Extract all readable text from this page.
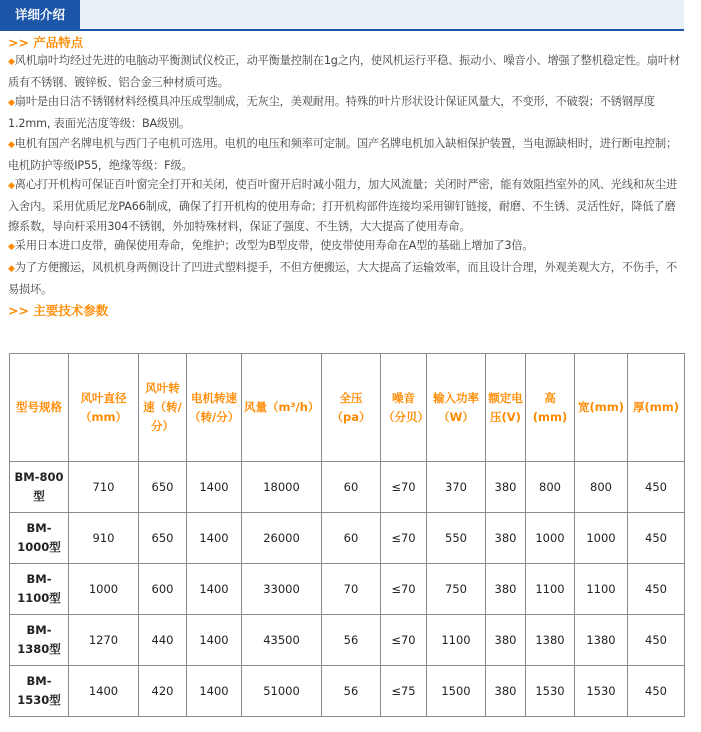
详细介绍
>> 产品特点

◆风机扇叶均经过先进的电脑动平衡测试仪校正，动平衡量控制在1g之内，使风机运行平稳、振动小、噪音小、增强了整机稳定性。扇叶材质有不锈钢、镀锌板、铝合金三种材质可选。

◆扇叶是由日洁不锈钢材料经模具冲压成型制成，无灰尘，美观耐用。特殊的叶片形状设计保证风量大，不变形，不破裂；不锈钢厚度1.2mm, 表面光洁度等级：BA级别。

◆电机有国产名牌电机与西门子电机可选用。电机的电压和频率可定制。国产名牌电机加入缺相保护装置，当电源缺相时，进行断电控制；电机防护等级IP55，绝缘等级：F级。

◆离心打开机构可保证百叶窗完全打开和关闭，使百叶窗开启时减小阻力，加大风流量；关闭时严密，能有效阻挡室外的风、光线和灰尘进入舍内。采用优质尼龙PA66制成，确保了打开机构的使用寿命；打开机构部件连接均采用铆钉链接，耐磨、不生锈、灵活性好，降低了磨擦系数，导向杆采用304不锈钢，外加特殊材料，保证了强度、不生锈，大大提高了使用寿命。

◆采用日本进口皮带，确保使用寿命，免维护；改型为B型皮带，使皮带使用寿命在A型的基础上增加了3倍。

◆为了方便搬运，风机机身两侧设计了凹进式塑料提手，不但方便搬运，大大提高了运输效率，而且设计合理，外观美观大方，不伤手，不易损坏。

>> 主要技术参数
型号规格	风叶直径（mm）	风叶转速（转/分）	电机转速（转/分）	风量（m³/h）	全压（pa）	噪音（分贝）	输入功率（W）	额定电压(V)	高(mm)	宽(mm)	厚(mm)
BM-800型	710	650	1400	18000	60	≤70	370	380	800	800	450
BM-1000型	910	650	1400	26000	60	≤70	550	380	1000	1000	450
BM-1100型	1000	600	1400	33000	70	≤70	750	380	1100	1100	450
BM-1380型	1270	440	1400	43500	56	≤70	1100	380	1380	1380	450
BM-1530型	1400	420	1400	51000	56	≤75	1500	380	1530	1530	450
